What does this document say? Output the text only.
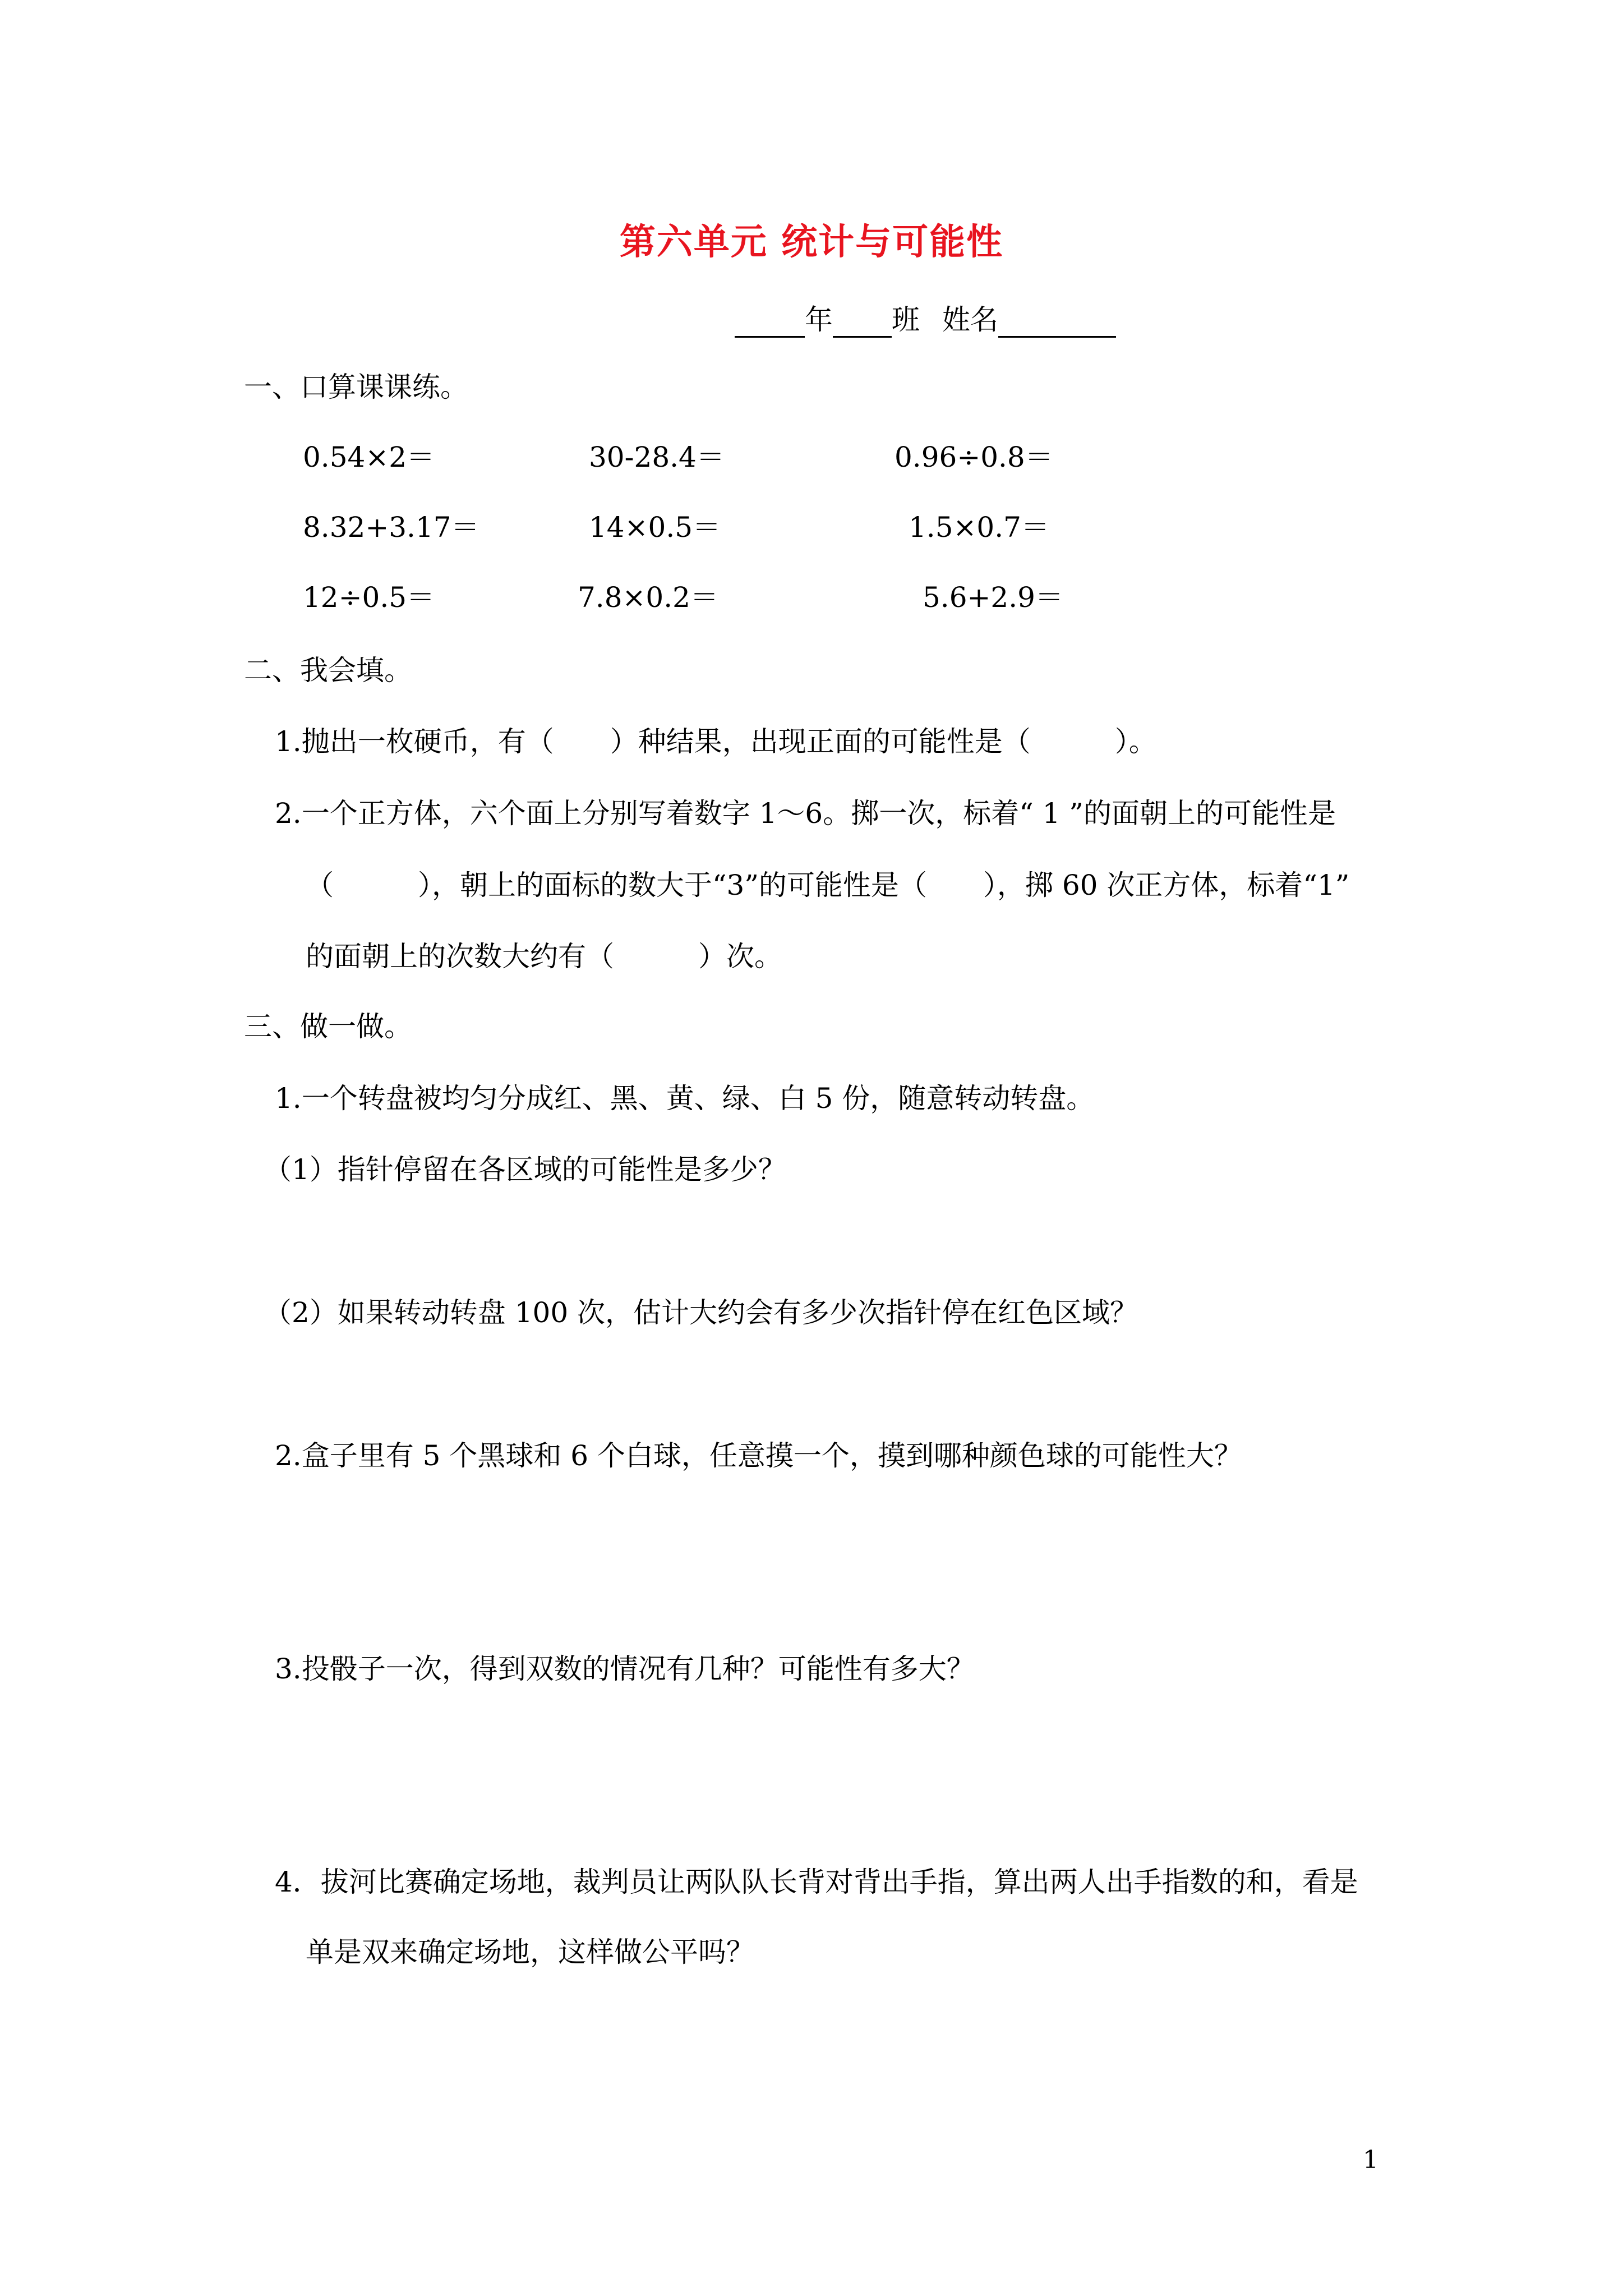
第六单元 统计与可能性
年 班 姓名
一、口算课课练。
0.54×2＝	30-28.4＝	0.96÷0.8＝
8.32+3.17＝	14×0.5＝	1.5×0.7＝
12÷0.5＝	7.8×0.2＝	5.6+2.9＝
二、我会填。
1.抛出一枚硬币，有（　　）种结果，出现正面的可能性是（　　　）。
2.一个正方体，六个面上分别写着数字 1～6。掷一次，标着“ 1 ”的面朝上的可能性是
（　　　），朝上的面标的数大于“3”的可能性是（　　），掷 60 次正方体，标着“1”
的面朝上的次数大约有（　　　）次。
三、做一做。
1.一个转盘被均匀分成红、黑、黄、绿、白 5 份，随意转动转盘。
（1）指针停留在各区域的可能性是多少？
（2）如果转动转盘 100 次，估计大约会有多少次指针停在红色区域？
2.盒子里有 5 个黑球和 6 个白球，任意摸一个，摸到哪种颜色球的可能性大？
3.投骰子一次，得到双数的情况有几种？可能性有多大？
4．拔河比赛确定场地，裁判员让两队队长背对背出手指，算出两人出手指数的和，看是
单是双来确定场地，这样做公平吗？
1
